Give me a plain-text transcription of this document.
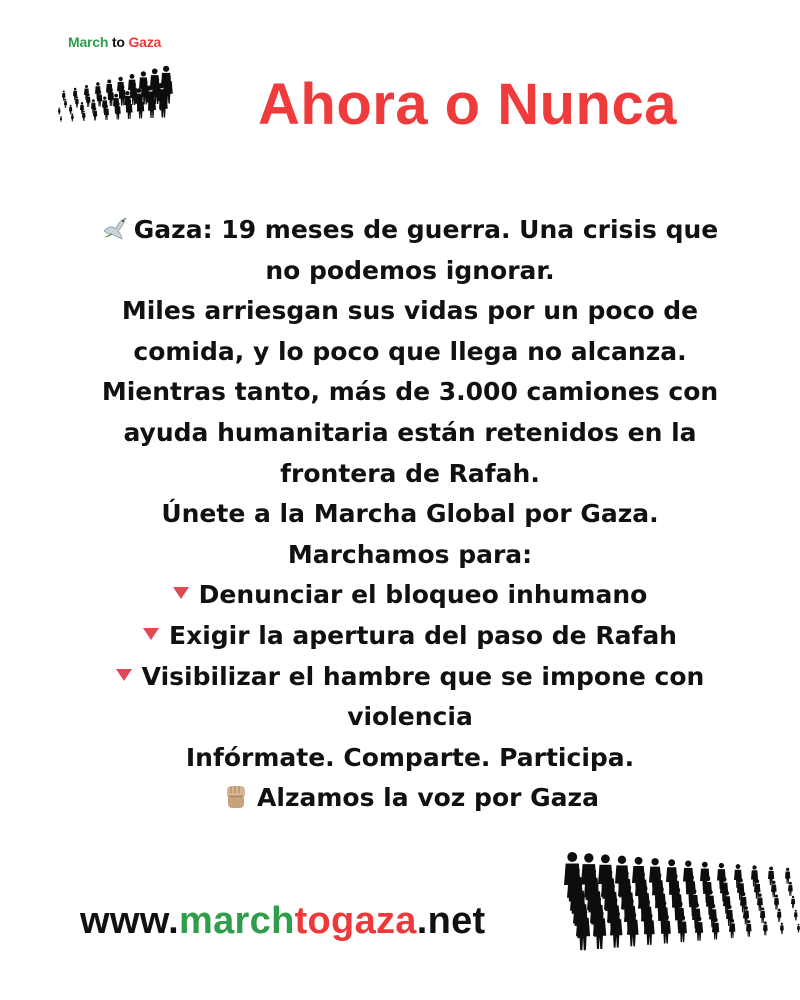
March to Gaza
Ahora o Nunca
Gaza: 19 meses de guerra. Una crisis que
no podemos ignorar.
Miles arriesgan sus vidas por un poco de
comida, y lo poco que llega no alcanza.
Mientras tanto, más de 3.000 camiones con
ayuda humanitaria están retenidos en la
frontera de Rafah.
Únete a la Marcha Global por Gaza.
Marchamos para:
Denunciar el bloqueo inhumano
Exigir la apertura del paso de Rafah
Visibilizar el hambre que se impone con
violencia
Infórmate. Comparte. Participa.
Alzamos la voz por Gaza
www.marchtogaza.net
